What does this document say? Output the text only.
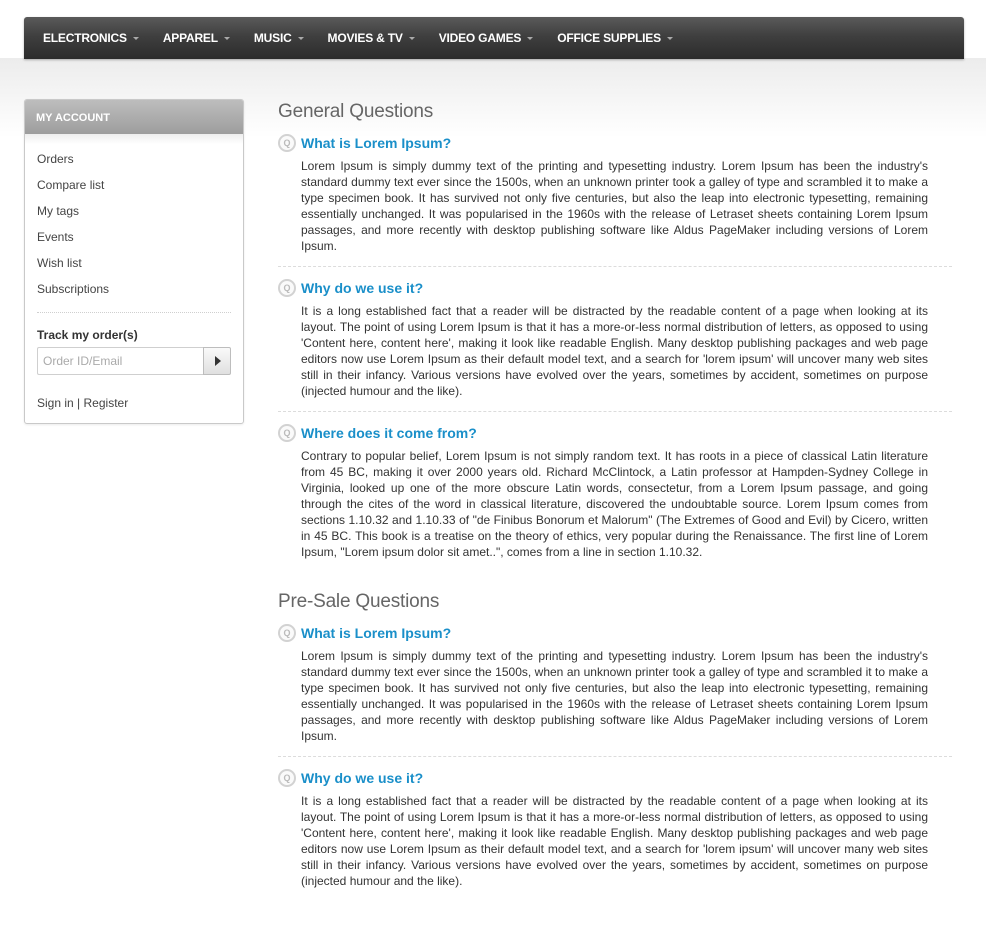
ELECTRONICS	APPAREL	MUSIC	MOVIES & TV	VIDEO GAMES	OFFICE SUPPLIES
MY ACCOUNT
Orders
Compare list
My tags
Events
Wish list
Subscriptions
Track my order(s)
Order ID/Email
Sign in | Register
General Questions
Q What is Lorem Ipsum?

Lorem Ipsum is simply dummy text of the printing and typesetting industry. Lorem Ipsum has been the industry's standard dummy text ever since the 1500s, when an unknown printer took a galley of type and scrambled it to make a type specimen book. It has survived not only five centuries, but also the leap into electronic typesetting, remaining essentially unchanged. It was popularised in the 1960s with the release of Letraset sheets containing Lorem Ipsum passages, and more recently with desktop publishing software like Aldus PageMaker including versions of Lorem Ipsum.

Q Why do we use it?

It is a long established fact that a reader will be distracted by the readable content of a page when looking at its layout. The point of using Lorem Ipsum is that it has a more-or-less normal distribution of letters, as opposed to using 'Content here, content here', making it look like readable English. Many desktop publishing packages and web page editors now use Lorem Ipsum as their default model text, and a search for 'lorem ipsum' will uncover many web sites still in their infancy. Various versions have evolved over the years, sometimes by accident, sometimes on purpose (injected humour and the like).

Q Where does it come from?

Contrary to popular belief, Lorem Ipsum is not simply random text. It has roots in a piece of classical Latin literature from 45 BC, making it over 2000 years old. Richard McClintock, a Latin professor at Hampden-Sydney College in Virginia, looked up one of the more obscure Latin words, consectetur, from a Lorem Ipsum passage, and going through the cites of the word in classical literature, discovered the undoubtable source. Lorem Ipsum comes from sections 1.10.32 and 1.10.33 of "de Finibus Bonorum et Malorum" (The Extremes of Good and Evil) by Cicero, written in 45 BC. This book is a treatise on the theory of ethics, very popular during the Renaissance. The first line of Lorem Ipsum, "Lorem ipsum dolor sit amet..", comes from a line in section 1.10.32.

Pre-Sale Questions
Q What is Lorem Ipsum?

Lorem Ipsum is simply dummy text of the printing and typesetting industry. Lorem Ipsum has been the industry's standard dummy text ever since the 1500s, when an unknown printer took a galley of type and scrambled it to make a type specimen book. It has survived not only five centuries, but also the leap into electronic typesetting, remaining essentially unchanged. It was popularised in the 1960s with the release of Letraset sheets containing Lorem Ipsum passages, and more recently with desktop publishing software like Aldus PageMaker including versions of Lorem Ipsum.

Q Why do we use it?

It is a long established fact that a reader will be distracted by the readable content of a page when looking at its layout. The point of using Lorem Ipsum is that it has a more-or-less normal distribution of letters, as opposed to using 'Content here, content here', making it look like readable English. Many desktop publishing packages and web page editors now use Lorem Ipsum as their default model text, and a search for 'lorem ipsum' will uncover many web sites still in their infancy. Various versions have evolved over the years, sometimes by accident, sometimes on purpose (injected humour and the like).
